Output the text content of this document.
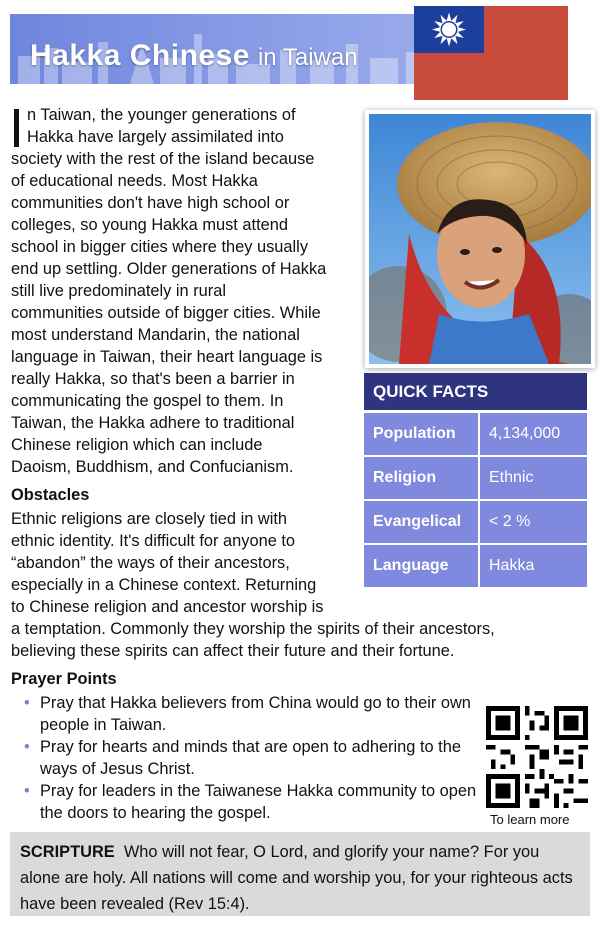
Hakka Chinese in Taiwan
n Taiwan, the younger generations of
Hakka have largely assimilated into
society with the rest of the island because
of educational needs. Most Hakka
communities don't have high school or
colleges, so young Hakka must attend
school in bigger cities where they usually
end up settling. Older generations of Hakka
still live predominately in rural
communities outside of bigger cities. While
most understand Mandarin, the national
language in Taiwan, their heart language is
really Hakka, so that's been a barrier in
communicating the gospel to them. In
Taiwan, the Hakka adhere to traditional
Chinese religion which can include
Daoism, Buddhism, and Confucianism.
QUICK FACTS
Population 4,134,000
Religion	Ethnic
Evangelical < 2 %
Language	Hakka
Obstacles
Ethnic religions are closely tied in with
ethnic identity. It's difficult for anyone to
“abandon” the ways of their ancestors,
especially in a Chinese context. Returning
to Chinese religion and ancestor worship is
a temptation. Commonly they worship the spirits of their ancestors,
believing these spirits can affect their future and their fortune.
Prayer Points
• Pray that Hakka believers from China would go to their own people in Taiwan.
• Pray for hearts and minds that are open to adhering to the ways of Jesus Christ.
• Pray for leaders in the Taiwanese Hakka community to open the doors to hearing the gospel.	To learn more
SCRIPTURE Who will not fear, O Lord, and glorify your name? For you alone are holy. All nations will come and worship you, for your righteous acts have been revealed (Rev 15:4).
